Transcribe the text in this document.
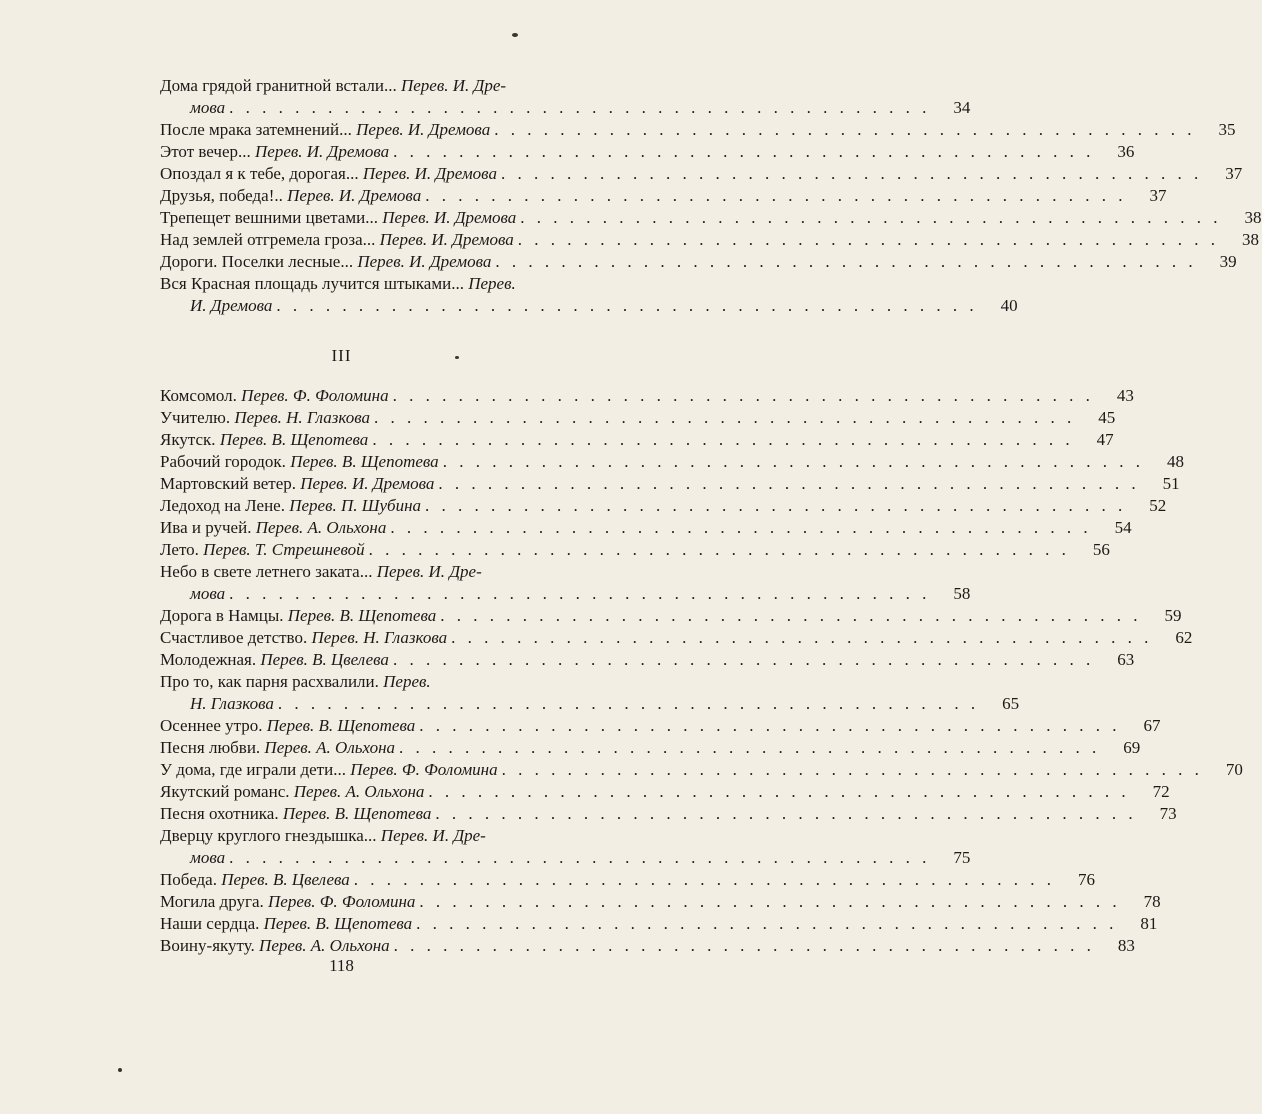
Дома грядой гранитной встали... Перев. И. Дре-
мова . . . . . . . . . . . . . . . . . . . . . . . . . . . . . . . . . . . . . . . . . . .	34
После мрака затемнений... Перев. И. Дремова . . . . . . . . . . . . . . . . . . . . . . . . . . . . . . . . . . . . . . . . . . .	35
Этот вечер... Перев. И. Дремова . . . . . . . . . . . . . . . . . . . . . . . . . . . . . . . . . . . . . . . . . . .	36
Опоздал я к тебе, дорогая... Перев. И. Дремова . . . . . . . . . . . . . . . . . . . . . . . . . . . . . . . . . . . . . . . . . . .	37
Друзья, победа!.. Перев. И. Дремова . . . . . . . . . . . . . . . . . . . . . . . . . . . . . . . . . . . . . . . . . . .	37
Трепещет вешними цветами... Перев. И. Дремова . . . . . . . . . . . . . . . . . . . . . . . . . . . . . . . . . . . . . . . . . . .	38
Над землей отгремела гроза... Перев. И. Дремова . . . . . . . . . . . . . . . . . . . . . . . . . . . . . . . . . . . . . . . . . . .	38
Дороги. Поселки лесные... Перев. И. Дремова . . . . . . . . . . . . . . . . . . . . . . . . . . . . . . . . . . . . . . . . . . .	39
Вся Красная площадь лучится штыками... Перев.
И. Дремова . . . . . . . . . . . . . . . . . . . . . . . . . . . . . . . . . . . . . . . . . . .	40
III
Комсомол. Перев. Ф. Фоломина . . . . . . . . . . . . . . . . . . . . . . . . . . . . . . . . . . . . . . . . . . .	43
Учителю. Перев. Н. Глазкова . . . . . . . . . . . . . . . . . . . . . . . . . . . . . . . . . . . . . . . . . . .	45
Якутск. Перев. В. Щепотева . . . . . . . . . . . . . . . . . . . . . . . . . . . . . . . . . . . . . . . . . . .	47
Рабочий городок. Перев. В. Щепотева . . . . . . . . . . . . . . . . . . . . . . . . . . . . . . . . . . . . . . . . . . .	48
Мартовский ветер. Перев. И. Дремова . . . . . . . . . . . . . . . . . . . . . . . . . . . . . . . . . . . . . . . . . . .	51
Ледоход на Лене. Перев. П. Шубина . . . . . . . . . . . . . . . . . . . . . . . . . . . . . . . . . . . . . . . . . . .	52
Ива и ручей. Перев. А. Ольхона . . . . . . . . . . . . . . . . . . . . . . . . . . . . . . . . . . . . . . . . . . .	54
Лето. Перев. Т. Стрешневой . . . . . . . . . . . . . . . . . . . . . . . . . . . . . . . . . . . . . . . . . . .	56
Небо в свете летнего заката... Перев. И. Дре-
мова . . . . . . . . . . . . . . . . . . . . . . . . . . . . . . . . . . . . . . . . . . .	58
Дорога в Намцы. Перев. В. Щепотева . . . . . . . . . . . . . . . . . . . . . . . . . . . . . . . . . . . . . . . . . . .	59
Счастливое детство. Перев. Н. Глазкова . . . . . . . . . . . . . . . . . . . . . . . . . . . . . . . . . . . . . . . . . . .	62
Молодежная. Перев. В. Цвелева . . . . . . . . . . . . . . . . . . . . . . . . . . . . . . . . . . . . . . . . . . .	63
Про то, как парня расхвалили. Перев.
Н. Глазкова . . . . . . . . . . . . . . . . . . . . . . . . . . . . . . . . . . . . . . . . . . .	65
Осеннее утро. Перев. В. Щепотева . . . . . . . . . . . . . . . . . . . . . . . . . . . . . . . . . . . . . . . . . . .	67
Песня любви. Перев. А. Ольхона . . . . . . . . . . . . . . . . . . . . . . . . . . . . . . . . . . . . . . . . . . .	69
У дома, где играли дети... Перев. Ф. Фоломина . . . . . . . . . . . . . . . . . . . . . . . . . . . . . . . . . . . . . . . . . . .	70
Якутский романс. Перев. А. Ольхона . . . . . . . . . . . . . . . . . . . . . . . . . . . . . . . . . . . . . . . . . . .	72
Песня охотника. Перев. В. Щепотева . . . . . . . . . . . . . . . . . . . . . . . . . . . . . . . . . . . . . . . . . . .	73
Дверцу круглого гнездышка... Перев. И. Дре-
мова . . . . . . . . . . . . . . . . . . . . . . . . . . . . . . . . . . . . . . . . . . .	75
Победа. Перев. В. Цвелева . . . . . . . . . . . . . . . . . . . . . . . . . . . . . . . . . . . . . . . . . . .	76
Могила друга. Перев. Ф. Фоломина . . . . . . . . . . . . . . . . . . . . . . . . . . . . . . . . . . . . . . . . . . .	78
Наши сердца. Перев. В. Щепотева . . . . . . . . . . . . . . . . . . . . . . . . . . . . . . . . . . . . . . . . . . .	81
Воину-якуту. Перев. А. Ольхона . . . . . . . . . . . . . . . . . . . . . . . . . . . . . . . . . . . . . . . . . . .	83
118
